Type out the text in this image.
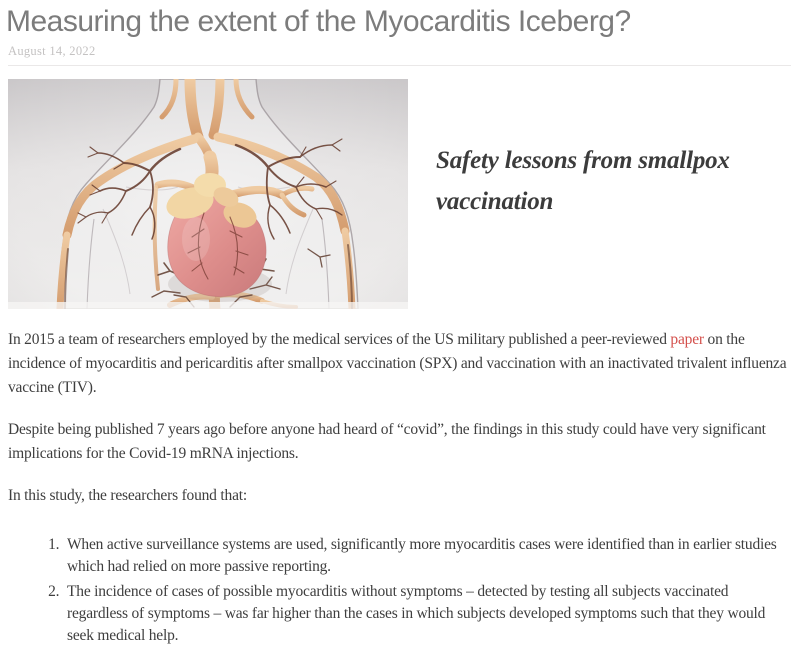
Measuring the extent of the Myocarditis Iceberg?
August 14, 2022
Safety lessons from smallpox vaccination

In 2015 a team of researchers employed by the medical services of the US military published a peer-reviewed paper on the incidence of myocarditis and pericarditis after smallpox vaccination (SPX) and vaccination with an inactivated trivalent influenza vaccine (TIV).

Despite being published 7 years ago before anyone had heard of “covid”, the findings in this study could have very significant implications for the Covid-19 mRNA injections.

In this study, the researchers found that:

1. When active surveillance systems are used, significantly more myocarditis cases were identified than in earlier studies which had relied on more passive reporting.
2. The incidence of cases of possible myocarditis without symptoms – detected by testing all subjects vaccinated regardless of symptoms – was far higher than the cases in which subjects developed symptoms such that they would seek medical help.
